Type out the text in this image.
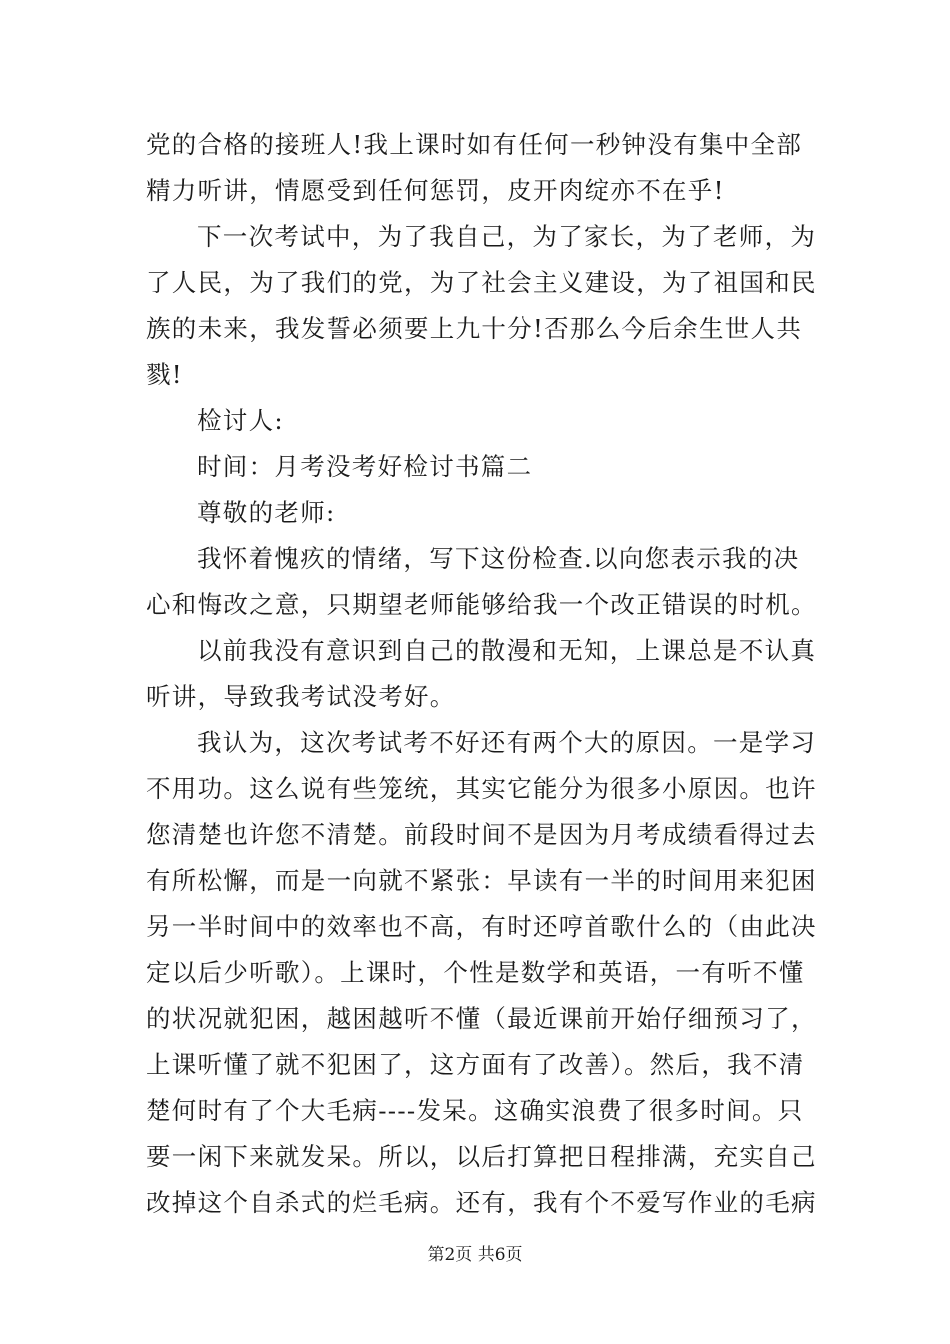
党的合格的接班人!我上课时如有任何一秒钟没有集中全部
精力听讲，情愿受到任何惩罚，皮开肉绽亦不在乎!
下一次考试中，为了我自己，为了家长，为了老师，为
了人民，为了我们的党，为了社会主义建设，为了祖国和民
族的未来，我发誓必须要上九十分!否那么今后余生世人共
戮!
检讨人:
时间：月考没考好检讨书篇二
尊敬的老师:
我怀着愧疚的情绪，写下这份检查.以向您表示我的决
心和悔改之意，只期望老师能够给我一个改正错误的时机。
以前我没有意识到自己的散漫和无知，上课总是不认真
听讲，导致我考试没考好。
我认为，这次考试考不好还有两个大的原因。一是学习
不用功。这么说有些笼统，其实它能分为很多小原因。也许
您清楚也许您不清楚。前段时间不是因为月考成绩看得过去
有所松懈，而是一向就不紧张：早读有一半的时间用来犯困
另一半时间中的效率也不高，有时还哼首歌什么的（由此决
定以后少听歌）。上课时，个性是数学和英语，一有听不懂
的状况就犯困，越困越听不懂（最近课前开始仔细预习了，
上课听懂了就不犯困了，这方面有了改善）。然后，我不清
楚何时有了个大毛病----发呆。这确实浪费了很多时间。只
要一闲下来就发呆。所以，以后打算把日程排满，充实自己
改掉这个自杀式的烂毛病。还有，我有个不爱写作业的毛病
第2页 共6页
